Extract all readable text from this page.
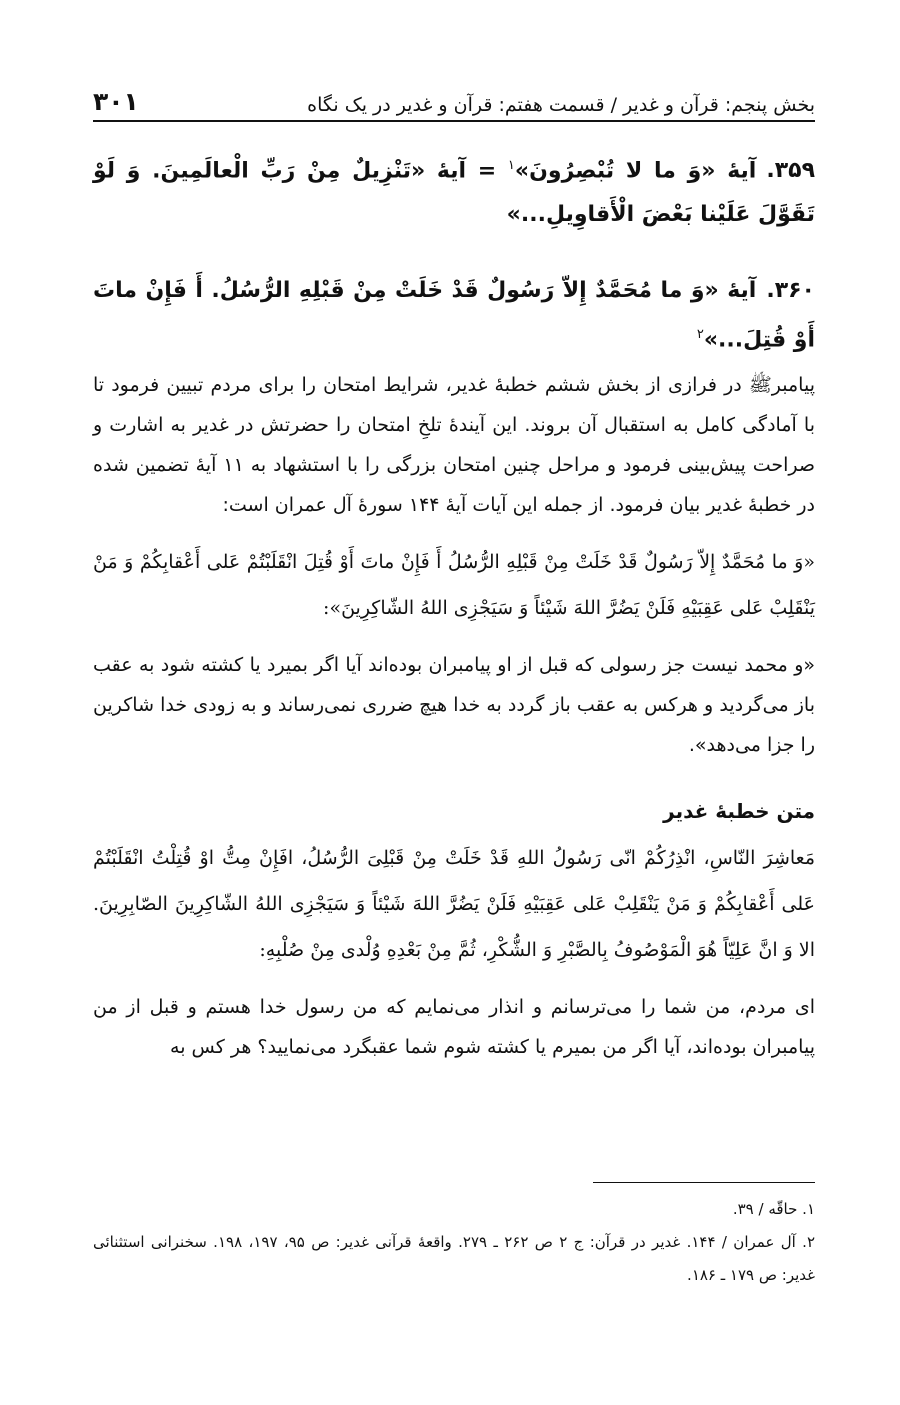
بخش پنجم: قرآن و غدیر / قسمت هفتم: قرآن و غدیر در یک نگاه
۳۰۱

۳۵۹.آیهٔ «وَ ما لا تُبْصِرُونَ»$^۱$ = آیهٔ «تَنْزِیلٌ مِنْ رَبِّ الْعالَمِینَ. وَ لَوْ تَقَوَّلَ عَلَیْنا بَعْضَ الْأَقاوِیلِ...»

۳۶۰.آیهٔ «وَ ما مُحَمَّدٌ إِلاّ رَسُولٌ قَدْ خَلَتْ مِنْ قَبْلِهِ الرُّسُلُ. أَ فَإِنْ ماتَ أَوْ قُتِلَ...»$^۲$

پیامبرﷺ در فرازی از بخش ششم خطبهٔ غدیر، شرایط امتحان را برای مردم تبیین فرمود تا با آمادگی کامل به استقبال آن بروند. این آیندهٔ تلخِ امتحان را حضرتش در غدیر به اشارت و صراحت پیش‌بینی فرمود و مراحل چنین امتحان بزرگی را با استشهاد به ۱۱ آیهٔ تضمین شده در خطبهٔ غدیر بیان فرمود. از جمله این آیات آیهٔ ۱۴۴ سورهٔ آل عمران است:

«وَ ما مُحَمَّدٌ إِلاّ رَسُولٌ قَدْ خَلَتْ مِنْ قَبْلِهِ الرُّسُلُ أَ فَإِنْ ماتَ أَوْ قُتِلَ انْقَلَبْتُمْ عَلی أَعْقابِکُمْ وَ مَنْ یَنْقَلِبْ عَلی عَقِبَیْهِ فَلَنْ یَضُرَّ اللهَ شَیْئاً وَ سَیَجْزِی اللهُ الشّاکِرِینَ»:

«و محمد نیست جز رسولی که قبل از او پیامبران بوده‌اند آیا اگر بمیرد یا کشته شود به عقب باز می‌گردید و هرکس به عقب باز گردد به خدا هیچ ضرری نمی‌رساند و به زودی خدا شاکرین را جزا می‌دهد».

متن خطبهٔ غدیر

مَعاشِرَ النّاسِ، انْذِرُکُمْ انّی رَسُولُ اللهِ قَدْ خَلَتْ مِنْ قَبْلِیَ الرُّسُلُ، افَإِنْ مِتُّ اوْ قُتِلْتُ انْقَلَبْتُمْ عَلی أَعْقابِکُمْ وَ مَنْ یَنْقَلِبْ عَلی عَقِبَیْهِ فَلَنْ یَضُرَّ اللهَ شَیْئاً وَ سَیَجْزِی اللهُ الشّاکِرِینَ الصّابِرِینَ. الا وَ انَّ عَلِیّاً هُوَ الْمَوْصُوفُ بِالصَّبْرِ وَ الشُّکْرِ، ثُمَّ مِنْ بَعْدِهِ وُلْدی مِنْ صُلْبِهِ:

ای مردم، من شما را می‌ترسانم و انذار می‌نمایم که من رسول خدا هستم و قبل از من پیامبران بوده‌اند، آیا اگر من بمیرم یا کشته شوم شما عقبگرد می‌نمایید؟ هر کس به

۱. حاقّه / ۳۹.

۲. آل عمران / ۱۴۴. غدیر در قرآن: ج ۲ ص ۲۶۲ ـ ۲۷۹. واقعهٔ قرآنی غدیر: ص ۹۵، ۱۹۷، ۱۹۸. سخنرانی استثنائی غدیر: ص ۱۷۹ ـ ۱۸۶.
